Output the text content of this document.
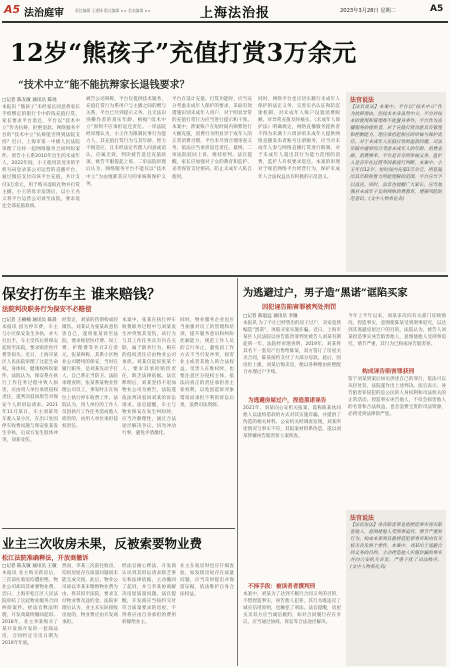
A5 法治庭审	责任编辑 王建锋 版式编辑 ×× 美术编辑 ××	上海法治报	2023年3月28日 星期二	A5
12岁“熊孩子”充值打赏3万余元
“技术中立”能不能抗辩家长退钱要求？
□记者 陈友敏 通讯员 陈瑶
本报讯 “熊孩子”未经家长同意将家长手机绑定的银行卡中的钱充值打赏，家长要求平台退还，平台以“技术中立”作为抗辩，拒绝退款。网络服务平台的“技术中立”抗辩能否得到法院支持？近日，上海市第一中级人民法院审理了这样一起网络服务合同纠纷案件。原告小王系2010年出生的未成年人，2022年间，小王使用其母亲的手机号码登录某公司运营的直播平台，通过微信支付向该平台充值，共计支付3万余元，用于购买虚拟礼物并打赏主播。小王的母亲发现后，以小王名义将平台运营公司诉至法院，要求返还全部充值款项。
被告公司辩称，平台仅提供技术服务，充值打赏行为系用户与主播之间的赠与关系，平台已尽到提示义务，且无法识别操作者的真实年龄，根据“技术中立”原则不应承担返还责任。一审法院经审理认为，小王作为限制民事行为能力人，其充值打赏行为与其年龄、智力不相适应，且未经法定代理人同意或追认，应属无效，判决被告返还充值款项。被告不服提起上诉。二审法院审理后认为，网络服务平台不能仅以“技术中立”为由推卸其应尽的审核和保护义务。
平台在设计充值、打赏功能时，应当充分考虑未成年人保护的要求，采取有效措施识别未成年人用户，对于明显异常的充值打赏行为应当进行提示和干预。本案中，涉案账户在短时间内频繁进行大额充值，消费行为明显异于成年人的正常消费习惯，平台未尽到合理审查义务，依法应当承担返还责任。最终，二审法院驳回上诉，维持原判。法官提醒，家长应加强对子女的教育和监护，妥善保管支付密码，防止未成年人私自使用。
同时，网络平台也应切实履行未成年人保护的法定义务，完善实名认证和防沉迷机制，对未成年人账户设置消费限额，对异常充值及时核实。《未成年人保护法》明确规定，网络直播服务提供者不得为未满十六周岁的未成年人提供网络直播发布者账号注册服务，应当对未成年人参与网络直播打赏进行限制。对于未成年人超出其行为能力范围的消费，监护人有权要求返还。本案的审理对于规范网络平台经营行为，保护未成年人合法权益具有积极的示范意义。
法官说法
【法官说法】本案中，平台以“技术中立”作为抗辩理由，但技术本身虽然中立，平台对技术的使用和管理却不能置身事外。平台作为直播服务的提供者，对于充值打赏功能具有管理和控制能力，理应承担起相应的审核与保护责任。对于未成年人充值打赏的退款问题，司法实践中通常综合考虑未成年人的年龄、消费金额、消费频率、平台是否尽到审核义务、监护人是否存在过错等因素进行判断。本案中，小王年仅12岁，短时间内充值3万余元，明显超出其年龄和智力所能理解的范围，平台应当予以返还。同时，法官也提醒广大家长，应当加强对未成年子女的网络消费教育，增强风险防范意识。(文中人物系化名)
保安打伤车主 谁来赔钱？
法院判决职务行为保安不必赔偿
□记者 王楠楠 通讯员 陈晨
本报讯 因为停车费，车主与小区保安发生争执，并大打出手，车主受伤后将保安起诉至法院，要求赔偿医疗费等损失。近日，上海市某区人民法院审理了这起生命权、身体权、健康权纠纷案件。法院认为，保安系在执行工作任务过程中致人损害，应由用人单位承担侵权责任，遂判决驳回原告对保安个人的诉讼请求。2021年11月某日，车主刘某驾车驶入某小区，在出口处因停车收费问题与保安张某发生争执，后双方发生肢体冲突，刘某受伤。
经鉴定，刘某的伤情构成轻微伤。刘某认为张某故意伤害自己，遂将张某诉至法院，要求赔偿医疗费、误工费、护理费等共计2万余元。张某辩称，其系小区物业公司聘用的保安，当时在履行职务，是刘某先动手打人，自己系正当防卫。法院审理查明，张某系某物业管理公司员工，事发时正在岗位上执行停车收费工作。法院认为，用人单位的工作人员因执行工作任务造成他人损害的，由用人单位承担侵权责任。
本案中，张某在执行停车收费职务过程中与刘某发生冲突致其受伤，该行为与其工作任务具有内在关联，属于职务行为，相应的侵权责任应由物业公司承担。刘某仅起诉张某个人，要求其承担赔偿责任，缺乏法律依据。法官释明后，刘某坚持不追加物业公司为被告，法院遂依法判决驳回刘某的诉讼请求。法官提醒，车主与物业保安在发生纠纷时，应当冷静理性，通过合法途径解决争议，切勿冲动行事，避免矛盾激化。
同时，物业服务企业也应当加强对员工的管理和培训，提升服务意识和纠纷化解能力，规范工作人员的言行举止，避免因工作方式不当引发冲突，损害业主或者其他人的合法权益。受害人在维权时，也要注意区分侵权主体，依法向真正的责任承担者主张权利，以免因起诉对象错误而承担不利的诉讼后果，浪费司法资源。
业主三次收房未果，反被索要物业费
松江法院准确释法，开放商撤诉
□记者 陈友敏 通讯员 王敏
本报讯 业主购买新房后，三次前往收房均遭拒绝，物业公司却向其索要物业费。近日，上海市松江区人民法院审结了这起物业服务合同纠纷案件。经法官释法明理，开发商最终撤回起诉。2018年，业主李某购买了某开发商开发的一套商品房，合同约定交房日期为2019年年底。
然而，李某三次前往收房，均因房屋存在质量问题而未能完成交接。此后，物业公司却以李某未缴纳物业费为由，将其诉至法院，要求支付物业费及违约金。法院审理后认为，业主未实际接收房屋的，物业费应由开发商承担。
经法官耐心释法，开发商认识到其诉讼请求缺乏事实和法律依据，主动撤回了起诉，并与李某协商解决房屋质量问题。法官提醒，开发商应当按约交付符合质量要求的房屋，不得将应由自身承担的费用转嫁给业主。
业主在收房时也应仔细查验，如发现房屋存在质量问题，应当及时提出并保留证据，依法维护自身合法权益。
为逃避过户，男子造“黑诺”诓陷买家
因犯诬告陷害罪被判处刑罚
□记者 陈思远 通讯员 李敏
本报讯 为了不让已经售出的房子过户，卖家竟然编造“黑诺”，诬陷买家实施诈骗。近日，上海市某区人民法院以诬告陷害罪判处被告人刘某有期徒刑一年。法院经审理查明，2019年，刘某将其名下一套房产出售给陈某，双方签订了房屋买卖合同，陈某按约支付了大部分房款。此后，因房价上涨，刘某后悔卖房，便以各种理由拒绝配合办理过户手续。
为逃避房屋过户，捏造黑诺诬告
2021年，刘某向公安机关报案，谎称陈某伙同他人以虚构借款的方式对其实施诈骗，并提供了伪造的相关材料。公安机关经调查发现，刘某所述情况与事实不符，其报案材料系伪造，遂以刘某涉嫌诬告陷害罪立案侦查。
不择手段：被读者者撰判刑
本案中，刘某为了达到不履行合同义务的目的，不惜捏造事实，诬告他人犯罪，其行为既违反了诚实信用原则，也触犯了刑法。法官提醒，房屋买卖双方应当诚信履约，如对合同履行存在争议，应当通过协商、诉讼等合法途径解决。
今年上半年以来，刘某多次向有关部门反映情况，捏造事实，意图使陈某受到刑事追究，以达到其逃避房屋过户的目的。法院认为，被告人刘某捏造事实诬告陷害他人，意图使他人受刑事追究，情节严重，其行为已构成诬告陷害罪。
构成诬告陷害罪获刑
鉴于刘某到案后如实供述自己的罪行，依法可以从轻处罚。法院遂作出上述判决。法官表示，诬告陷害罪侵犯的是公民的人身权利和司法机关的正常活动，捏造事实诬告他人，不仅会损害他人的名誉和合法权益，也会浪费宝贵的司法资源，必将受到法律的严惩。
法官说法
【法官说法】诬告陷害罪是指捏造事实诬告陷害他人，意图使他人受刑事追究，情节严重的行为。构成本罪须具备捏造犯罪事实和向有关机关告发两个要件。本案中，刘某出于逃避合同义务的目的，主动捏造他人实施诈骗的事实并向公安机关告发，严重干扰了司法秩序。(文中人物系化名)
